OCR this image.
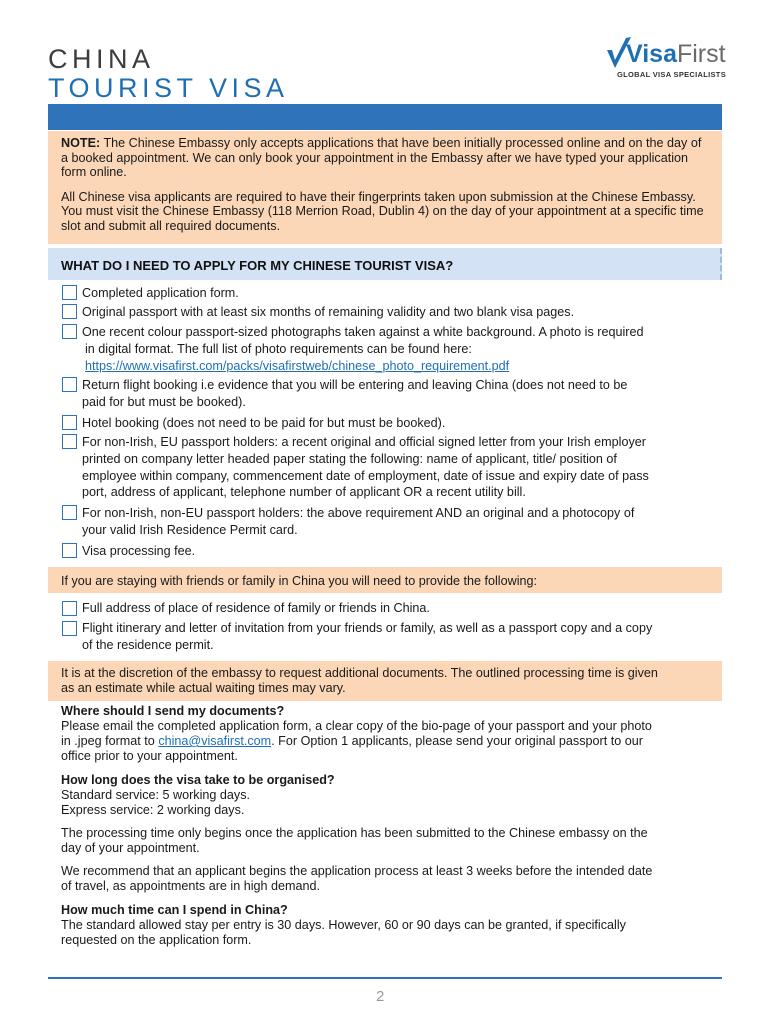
CHINA
TOURIST VISA
VisaFirst
GLOBAL VISA SPECIALISTS

NOTE: The Chinese Embassy only accepts applications that have been initially processed online and on the day of a booked appointment. We can only book your appointment in the Embassy after we have typed your application form online.

All Chinese visa applicants are required to have their fingerprints taken upon submission at the Chinese Embassy. You must visit the Chinese Embassy (118 Merrion Road, Dublin 4) on the day of your appointment at a specific time slot and submit all required documents.

WHAT DO I NEED TO APPLY FOR MY CHINESE TOURIST VISA?
Completed application form.
Original passport with at least six months of remaining validity and two blank visa pages.
One recent colour passport-sized photographs taken against a white background. A photo is required
in digital format. The full list of photo requirements can be found here:
https://www.visafirst.com/packs/visafirstweb/chinese_photo_requirement.pdf
Return flight booking i.e evidence that you will be entering and leaving China (does not need to be
paid for but must be booked).
Hotel booking (does not need to be paid for but must be booked).
For non-Irish, EU passport holders: a recent original and official signed letter from your Irish employer
printed on company letter headed paper stating the following: name of applicant, title/ position of
employee within company, commencement date of employment, date of issue and expiry date of pass
port, address of applicant, telephone number of applicant OR a recent utility bill.
For non-Irish, non-EU passport holders: the above requirement AND an original and a photocopy of
your valid Irish Residence Permit card.
Visa processing fee.
If you are staying with friends or family in China you will need to provide the following:
Full address of place of residence of family or friends in China.
Flight itinerary and letter of invitation from your friends or family, as well as a passport copy and a copy
of the residence permit.
It is at the discretion of the embassy to request additional documents. The outlined processing time is given
as an estimate while actual waiting times may vary.
Where should I send my documents?
Please email the completed application form, a clear copy of the bio-page of your passport and your photo
in .jpeg format to china@visafirst.com. For Option 1 applicants, please send your original passport to our
office prior to your appointment.
How long does the visa take to be organised?
Standard service: 5 working days.
Express service: 2 working days.
The processing time only begins once the application has been submitted to the Chinese embassy on the
day of your appointment.
We recommend that an applicant begins the application process at least 3 weeks before the intended date
of travel, as appointments are in high demand.
How much time can I spend in China?
The standard allowed stay per entry is 30 days. However, 60 or 90 days can be granted, if specifically
requested on the application form.
2
